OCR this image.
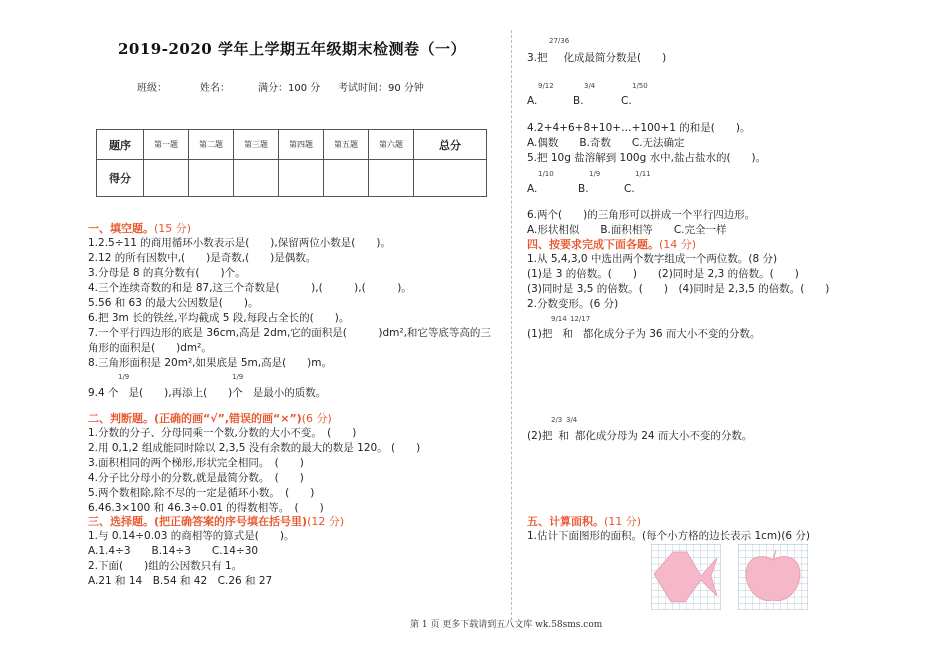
2019-2020 学年上学期五年级期末检测卷（一）
班级：	姓名：	满分：100 分 考试时间：90 分钟
题序	第一题	第二题	第三题	第四题	第五题	第六题	总分
得分							
一、填空题。(15 分)
1.2.5÷11 的商用循环小数表示是(　　),保留两位小数是(　　)。
2.12 的所有因数中,(　　)是奇数,(　　)是偶数。
3.分母是 8 的真分数有(　　)个。
4.三个连续奇数的和是 87,这三个奇数是(　　　),(　　　),(　　　)。
5.56 和 63 的最大公因数是(　　)。
6.把 3m 长的铁丝,平均截成 5 段,每段占全长的(　　)。
7.一个平行四边形的底是 36cm,高是 2dm,它的面积是(　　　)dm²,和它等底等高的三
角形的面积是(　　)dm²。
8.三角形面积是 20m²,如果底是 5m,高是(　　)m。
9.4 个 是(　　),再添上(　　)个 是最小的质数。
1/9	1/9
二、判断题。(正确的画“√”,错误的画“×”)(6 分)
1.分数的分子、分母同乘一个数,分数的大小不变。　(　　)
2.用 0,1,2 组成能同时除以 2,3,5 没有余数的最大的数是 120。 (　　)
3.面积相同的两个梯形,形状完全相同。　(　　)
4.分子比分母小的分数,就是最简分数。　(　　)
5.两个数相除,除不尽的一定是循环小数。　(　　)
6.46.3×100 和 46.3÷0.01 的得数相等。　(　　)
三、选择题。(把正确答案的序号填在括号里)(12 分)
1.与 0.14÷0.03 的商相等的算式是(　　)。
A.1.4÷3　　B.14÷3　　C.14÷30
2.下面(　　)组的公因数只有 1。
A.21 和 14　B.54 和 42　C.26 和 27
27/36
3.把 化成最简分数是(　　)
A.
9/12
B.
3/4
C.
1/50
4.2+4+6+8+10+…+100+1 的和是(　　)。
A.偶数　　B.奇数　　C.无法确定
5.把 10g 盐溶解到 100g 水中,盐占盐水的(　　)。
A.
1/10
B.
1/9
C.
1/11
6.两个(　　)的三角形可以拼成一个平行四边形。
A.形状相似　　B.面积相等　　C.完全一样
四、按要求完成下面各题。(14 分)
1.从 5,4,3,0 中选出两个数字组成一个两位数。(8 分)
(1)是 3 的倍数。(　　)　　(2)同时是 2,3 的倍数。(　　)
(3)同时是 3,5 的倍数。(　　)　(4)同时是 2,3,5 的倍数。(　　)
2.分数变形。(6 分)
9/14 12/17
(1)把 和 都化成分子为 36 而大小不变的分数。
2/3 3/4
(2)把 和 都化成分母为 24 而大小不变的分数。
五、计算面积。(11 分)
1.估计下面图形的面积。(每个小方格的边长表示 1cm)(6 分)
第 1 页 更多下载请到五八文库 wk.58sms.com
